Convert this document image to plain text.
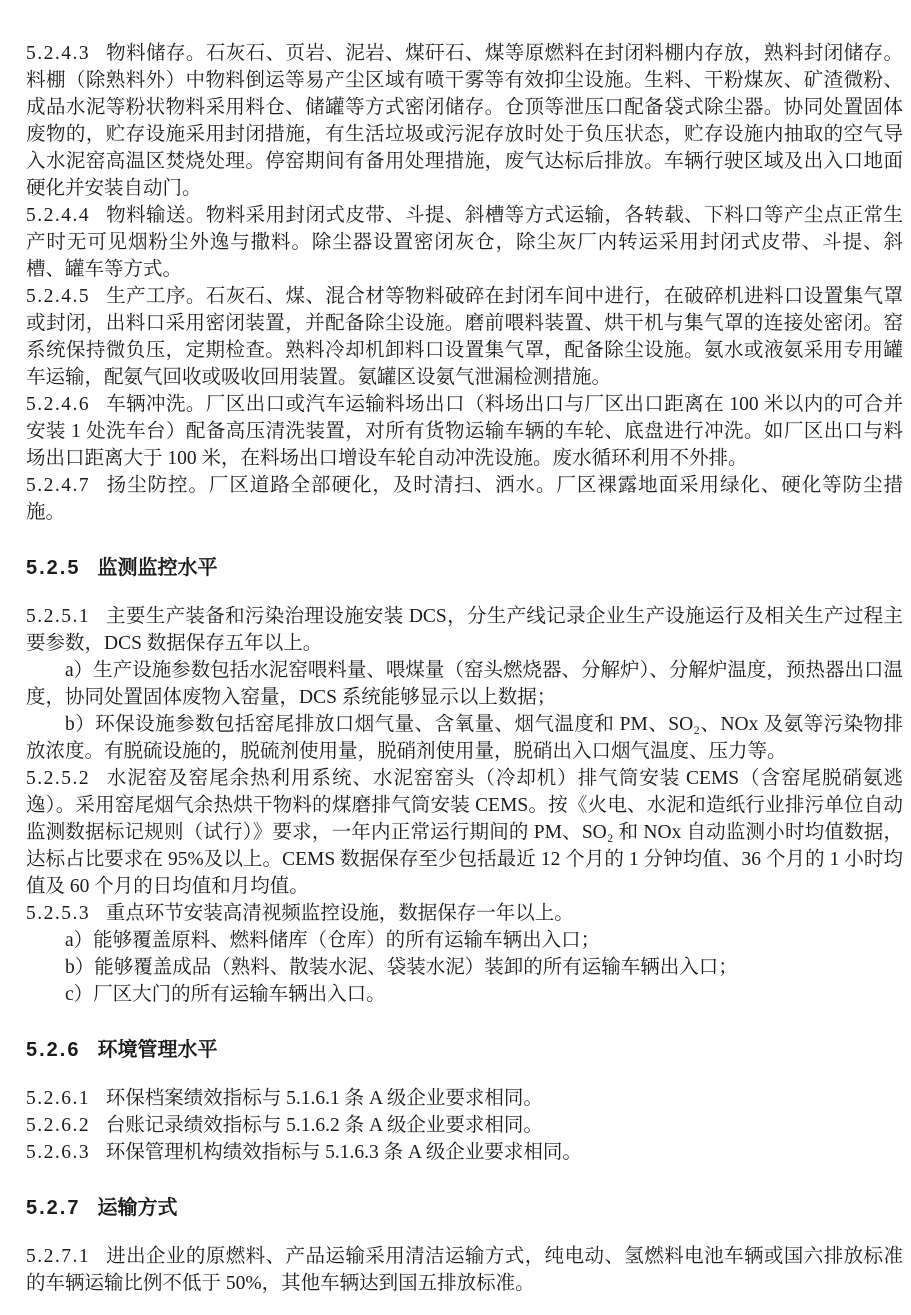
5.2.4.3 物料储存。石灰石、页岩、泥岩、煤矸石、煤等原燃料在封闭料棚内存放，熟料封闭储存。料棚（除熟料外）中物料倒运等易产尘区域有喷干雾等有效抑尘设施。生料、干粉煤灰、矿渣微粉、成品水泥等粉状物料采用料仓、储罐等方式密闭储存。仓顶等泄压口配备袋式除尘器。协同处置固体废物的，贮存设施采用封闭措施，有生活垃圾或污泥存放时处于负压状态，贮存设施内抽取的空气导入水泥窑高温区焚烧处理。停窑期间有备用处理措施，废气达标后排放。车辆行驶区域及出入口地面硬化并安装自动门。

5.2.4.4 物料输送。物料采用封闭式皮带、斗提、斜槽等方式运输，各转载、下料口等产尘点正常生产时无可见烟粉尘外逸与撒料。除尘器设置密闭灰仓，除尘灰厂内转运采用封闭式皮带、斗提、斜槽、罐车等方式。

5.2.4.5 生产工序。石灰石、煤、混合材等物料破碎在封闭车间中进行，在破碎机进料口设置集气罩或封闭，出料口采用密闭装置，并配备除尘设施。磨前喂料装置、烘干机与集气罩的连接处密闭。窑系统保持微负压，定期检查。熟料冷却机卸料口设置集气罩，配备除尘设施。氨水或液氨采用专用罐车运输，配氨气回收或吸收回用装置。氨罐区设氨气泄漏检测措施。

5.2.4.6 车辆冲洗。厂区出口或汽车运输料场出口（料场出口与厂区出口距离在 100 米以内的可合并安装 1 处洗车台）配备高压清洗装置，对所有货物运输车辆的车轮、底盘进行冲洗。如厂区出口与料场出口距离大于 100 米，在料场出口增设车轮自动冲洗设施。废水循环利用不外排。

5.2.4.7 扬尘防控。厂区道路全部硬化，及时清扫、洒水。厂区裸露地面采用绿化、硬化等防尘措施。

5.2.5 监测监控水平

5.2.5.1 主要生产装备和污染治理设施安装 DCS，分生产线记录企业生产设施运行及相关生产过程主要参数，DCS 数据保存五年以上。

a）生产设施参数包括水泥窑喂料量、喂煤量（窑头燃烧器、分解炉）、分解炉温度，预热器出口温度，协同处置固体废物入窑量，DCS 系统能够显示以上数据；

b）环保设施参数包括窑尾排放口烟气量、含氧量、烟气温度和 PM、SO₂、NOx 及氨等污染物排放浓度。有脱硫设施的，脱硫剂使用量，脱硝剂使用量，脱硝出入口烟气温度、压力等。

5.2.5.2 水泥窑及窑尾余热利用系统、水泥窑窑头（冷却机）排气筒安装 CEMS（含窑尾脱硝氨逃逸）。采用窑尾烟气余热烘干物料的煤磨排气筒安装 CEMS。按《火电、水泥和造纸行业排污单位自动监测数据标记规则（试行）》要求，一年内正常运行期间的 PM、SO₂ 和 NOx 自动监测小时均值数据，达标占比要求在 95%及以上。CEMS 数据保存至少包括最近 12 个月的 1 分钟均值、36 个月的 1 小时均值及 60 个月的日均值和月均值。

5.2.5.3 重点环节安装高清视频监控设施，数据保存一年以上。

a）能够覆盖原料、燃料储库（仓库）的所有运输车辆出入口；

b）能够覆盖成品（熟料、散装水泥、袋装水泥）装卸的所有运输车辆出入口；

c）厂区大门的所有运输车辆出入口。

5.2.6 环境管理水平

5.2.6.1 环保档案绩效指标与 5.1.6.1 条 A 级企业要求相同。

5.2.6.2 台账记录绩效指标与 5.1.6.2 条 A 级企业要求相同。

5.2.6.3 环保管理机构绩效指标与 5.1.6.3 条 A 级企业要求相同。

5.2.7 运输方式

5.2.7.1 进出企业的原燃料、产品运输采用清洁运输方式，纯电动、氢燃料电池车辆或国六排放标准的车辆运输比例不低于 50%，其他车辆达到国五排放标准。
